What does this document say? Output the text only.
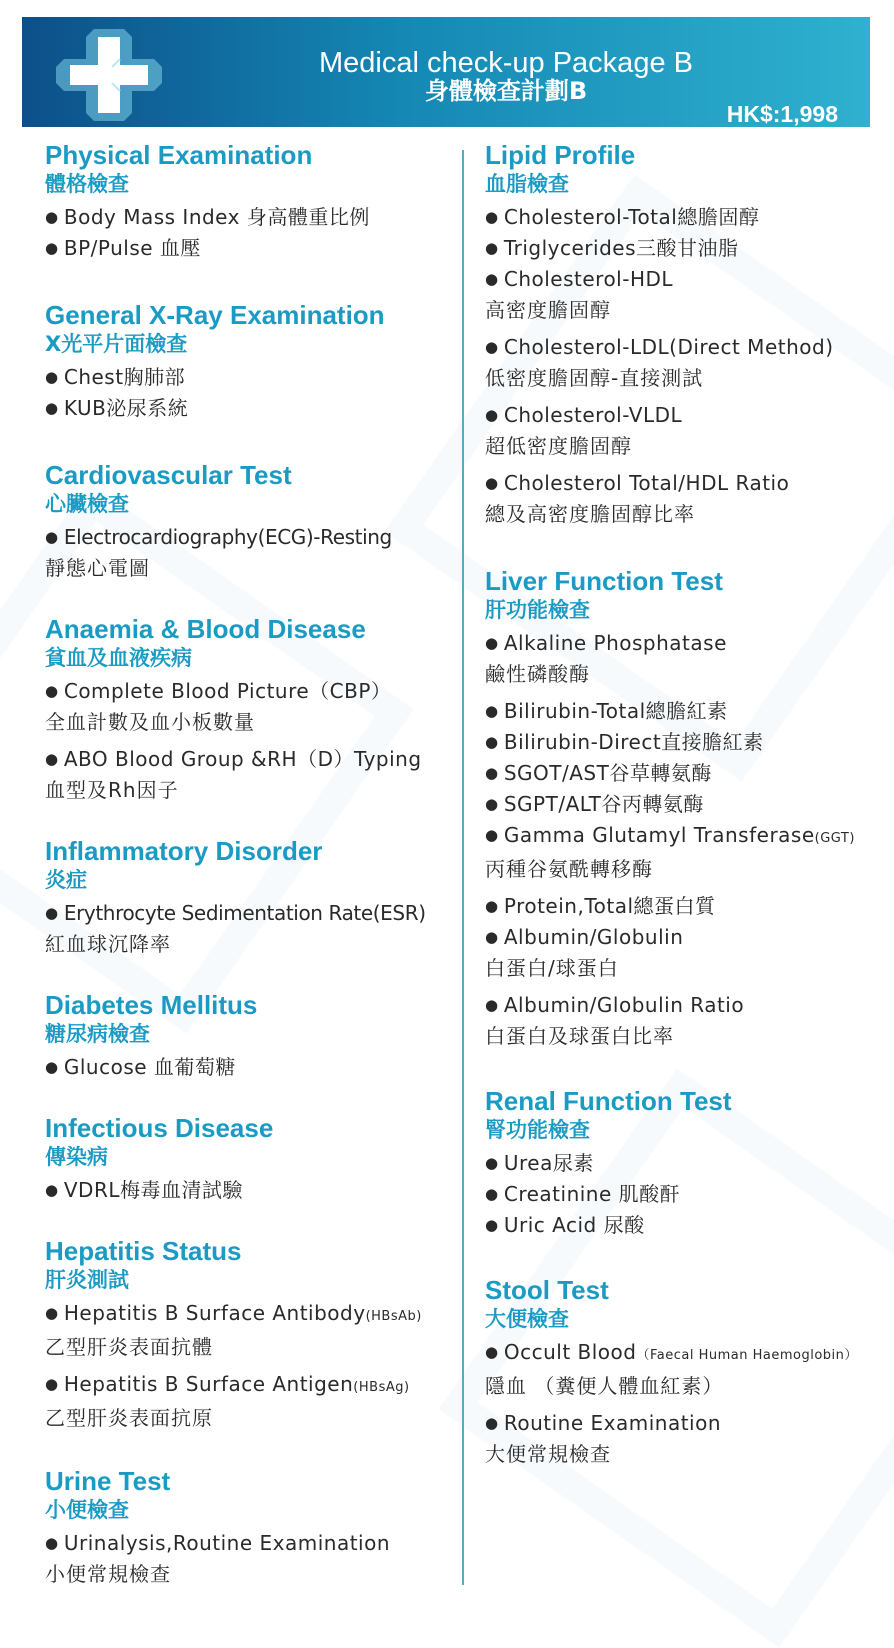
Medical check-up Package B
身體檢查計劃B
HK$:1,998
Physical Examination
體格檢查
● Body Mass Index 身高體重比例
● BP/Pulse 血壓
General X-Ray Examination
X光平片面檢查
● Chest胸肺部
● KUB泌尿系統
Cardiovascular Test
心臟檢查
● Electrocardiography(ECG)-Resting
靜態心電圖
Anaemia & Blood Disease
貧血及血液疾病
● Complete Blood Picture（CBP）
全血計數及血小板數量
● ABO Blood Group &RH（D）Typing
血型及Rh因子
Inflammatory Disorder
炎症
● Erythrocyte Sedimentation Rate(ESR)
紅血球沉降率
Diabetes Mellitus
糖尿病檢查
● Glucose 血葡萄糖
Infectious Disease
傳染病
● VDRL梅毒血清試驗
Hepatitis Status
肝炎測試
● Hepatitis B Surface Antibody(HBsAb)
乙型肝炎表面抗體
● Hepatitis B Surface Antigen(HBsAg)
乙型肝炎表面抗原
Urine Test
小便檢查
● Urinalysis,Routine Examination
小便常規檢查
Lipid Profile
血脂檢查
● Cholesterol-Total總膽固醇
● Triglycerides三酸甘油脂
● Cholesterol-HDL
高密度膽固醇
● Cholesterol-LDL(Direct Method)
低密度膽固醇-直接測試
● Cholesterol-VLDL
超低密度膽固醇
● Cholesterol Total/HDL Ratio
總及高密度膽固醇比率
Liver Function Test
肝功能檢查
● Alkaline Phosphatase
鹼性磷酸酶
● Bilirubin-Total總膽紅素
● Bilirubin-Direct直接膽紅素
● SGOT/AST谷草轉氨酶
● SGPT/ALT谷丙轉氨酶
● Gamma Glutamyl Transferase(GGT)
丙種谷氨酰轉移酶
● Protein,Total總蛋白質
● Albumin/Globulin
白蛋白/球蛋白
● Albumin/Globulin Ratio
白蛋白及球蛋白比率
Renal Function Test
腎功能檢查
● Urea尿素
● Creatinine 肌酸酐
● Uric Acid 尿酸
Stool Test
大便檢查
● Occult Blood（Faecal Human Haemoglobin）
隱血 （糞便人體血紅素）
● Routine Examination
大便常規檢查
